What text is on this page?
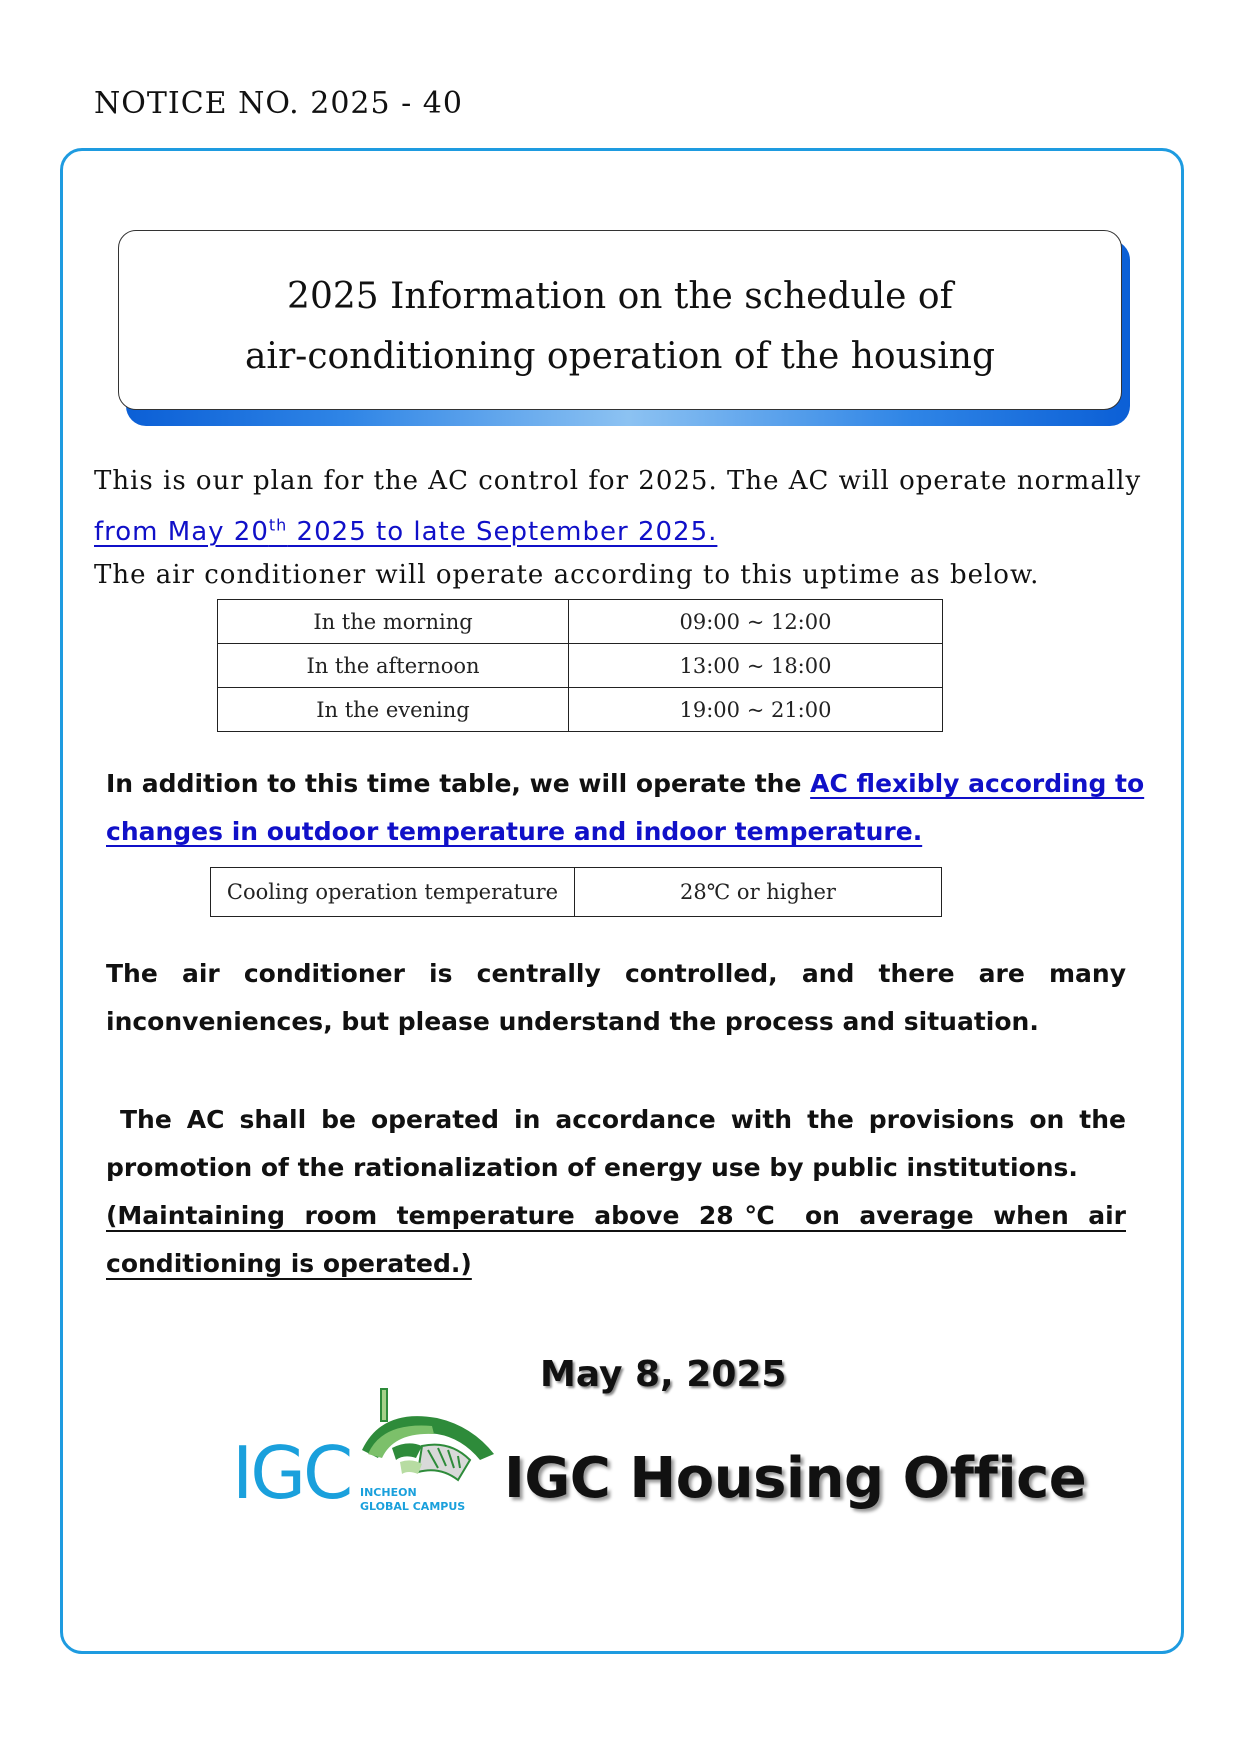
NOTICE NO. 2025 - 40
2025 Information on the schedule of
air-conditioning operation of the housing
This is our plan for the AC control for 2025. The AC will operate normally
from May 20th 2025 to late September 2025.
The air conditioner will operate according to this uptime as below.
In the morning	09:00 ~ 12:00
In the afternoon	13:00 ~ 18:00
In the evening	19:00 ~ 21:00
In addition to this time table, we will operate the AC flexibly according to
changes in outdoor temperature and indoor temperature.
Cooling operation temperature	28℃ or higher
The air conditioner is centrally controlled, and there are many
inconveniences, but please understand the process and situation.
The AC shall be operated in accordance with the provisions on the
promotion of the rationalization of energy use by public institutions.
(Maintaining room temperature above 28℃ on average when air
conditioning is operated.)
May 8, 2025
IGC INCHEON
GLOBAL CAMPUS IGC Housing Office
